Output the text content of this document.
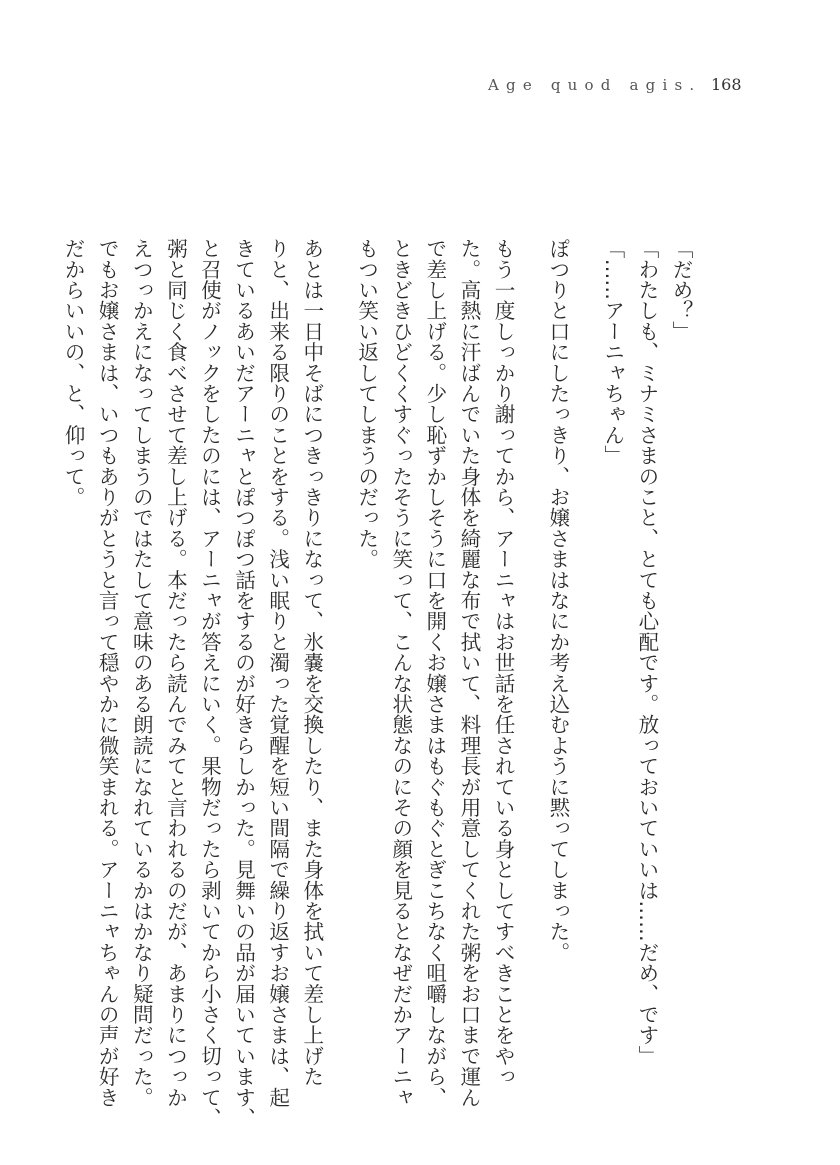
Age quod agis. 168
「だめ？」
「わたしも、ミナミさまのこと、とても心配です。放っておいていいは……だめ、です」
「……アーニャちゃん」
ぽつりと口にしたっきり、お嬢さまはなにか考え込むように黙ってしまった。
もう一度しっかり謝ってから、アーニャはお世話を任されている身としてすべきことをやっ
た。高熱に汗ばんでいた身体を綺麗な布で拭いて、料理長が用意してくれた粥をお口まで運ん
で差し上げる。少し恥ずかしそうに口を開くお嬢さまはもぐもぐとぎこちなく咀嚼しながら、
ときどきひどくくすぐったそうに笑って、こんな状態なのにその顔を見るとなぜだかアーニャ
もつい笑い返してしまうのだった。
あとは一日中そばにつきっきりになって、氷嚢を交換したり、また身体を拭いて差し上げた
りと、出来る限りのことをする。浅い眠りと濁った覚醒を短い間隔で繰り返すお嬢さまは、起
きているあいだアーニャとぽつぽつ話をするのが好きらしかった。見舞いの品が届いています、
と召使がノックをしたのには、アーニャが答えにいく。果物だったら剥いてから小さく切って、
粥と同じく食べさせて差し上げる。本だったら読んでみてと言われるのだが、あまりにつっか
えつっかえになってしまうのではたして意味のある朗読になれているかはかなり疑問だった。
でもお嬢さまは、いつもありがとうと言って穏やかに微笑まれる。アーニャちゃんの声が好き
だからいいの、と、仰って。
